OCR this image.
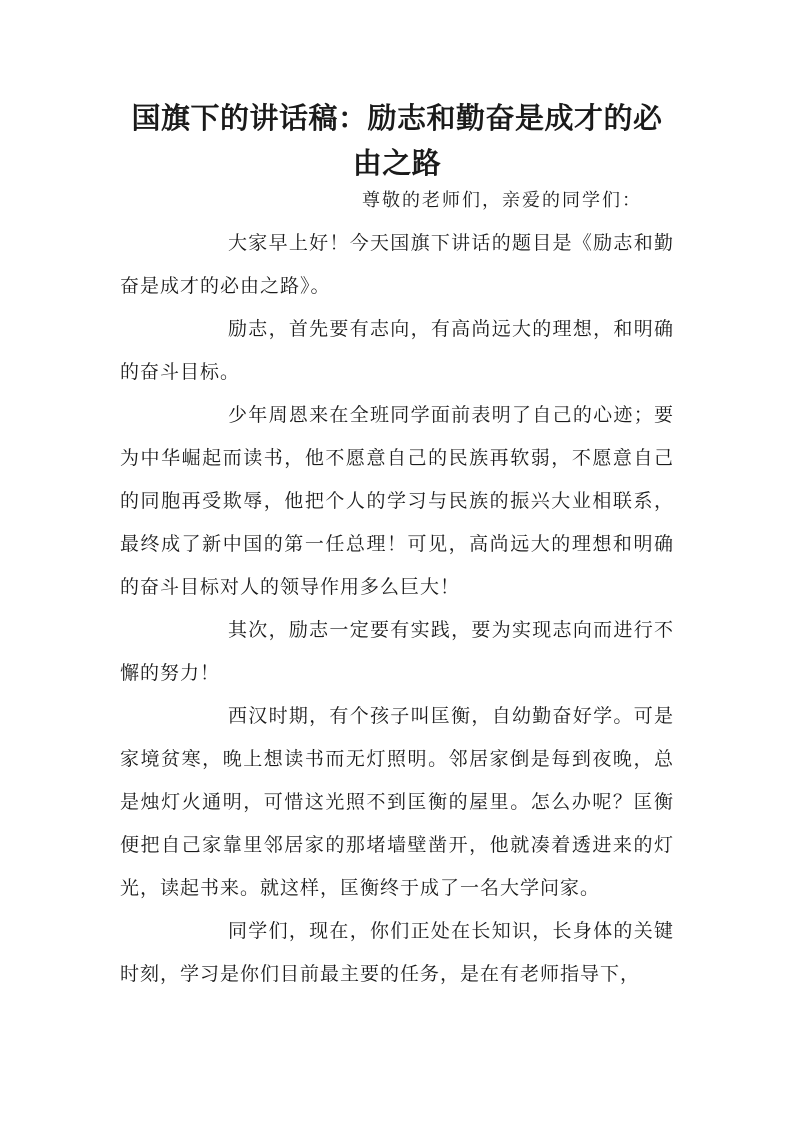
国旗下的讲话稿：励志和勤奋是成才的必
由之路
尊敬的老师们，亲爱的同学们：

大家早上好！今天国旗下讲话的题目是《励志和勤奋是成才的必由之路》。

励志，首先要有志向，有高尚远大的理想，和明确的奋斗目标。

少年周恩来在全班同学面前表明了自己的心迹；要为中华崛起而读书，他不愿意自己的民族再软弱，不愿意自己的同胞再受欺辱，他把个人的学习与民族的振兴大业相联系，最终成了新中国的第一任总理！可见，高尚远大的理想和明确的奋斗目标对人的领导作用多么巨大！

其次，励志一定要有实践，要为实现志向而进行不懈的努力！

西汉时期，有个孩子叫匡衡，自幼勤奋好学。可是家境贫寒，晚上想读书而无灯照明。邻居家倒是每到夜晚，总是烛灯火通明，可惜这光照不到匡衡的屋里。怎么办呢？匡衡便把自己家靠里邻居家的那堵墙壁凿开，他就凑着透进来的灯光，读起书来。就这样，匡衡终于成了一名大学问家。

同学们，现在，你们正处在长知识，长身体的关键时刻，学习是你们目前最主要的任务，是在有老师指导下，
